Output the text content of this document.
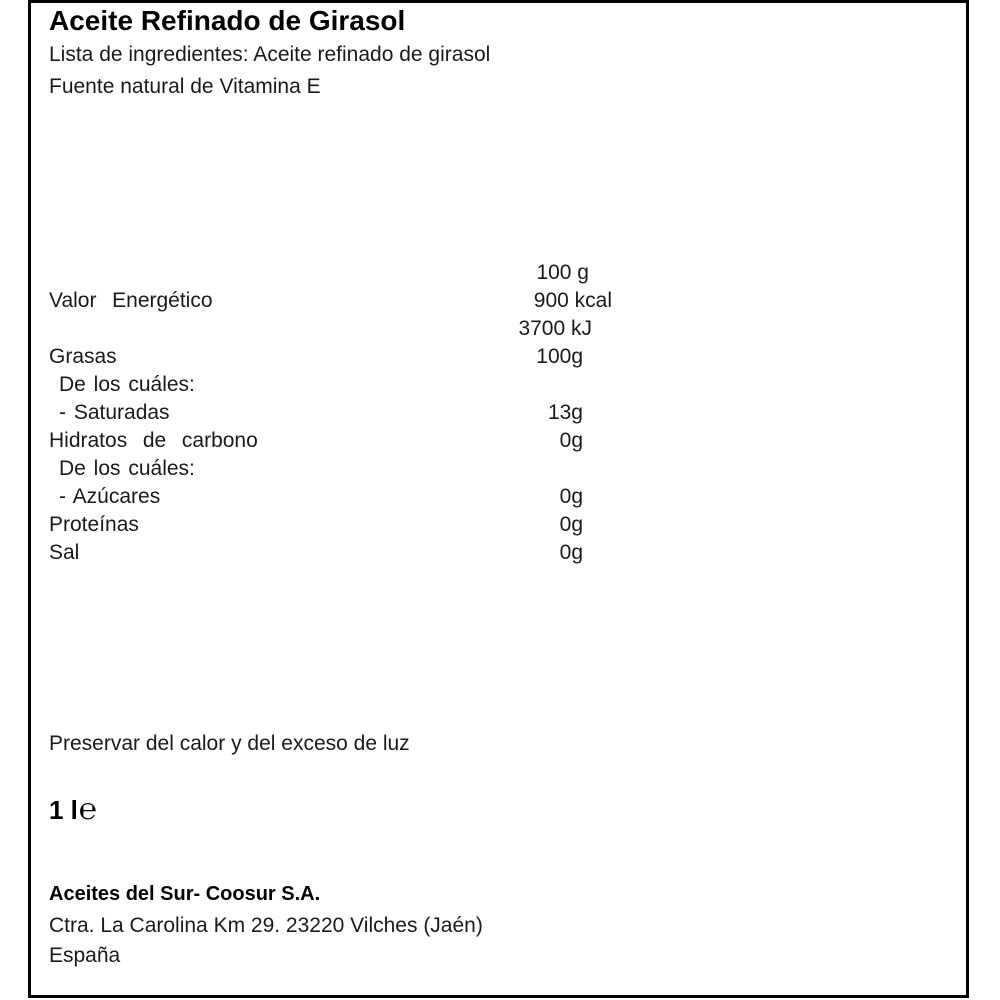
Aceite Refinado de Girasol
Lista de ingredientes: Aceite refinado de girasol
Fuente natural de Vitamina E
100 g
Valor  Energético	900 kcal
3700 kJ
Grasas	100g
De los cuáles:
- Saturadas	13g
Hidratos  de  carbono	0g
De los cuáles:
- Azúcares	0g
Proteínas	0g
Sal	0g
Preservar del calor y del exceso de luz
1 l℮
Aceites del Sur- Coosur S.A.
Ctra. La Carolina Km 29. 23220 Vilches (Jaén)
España
